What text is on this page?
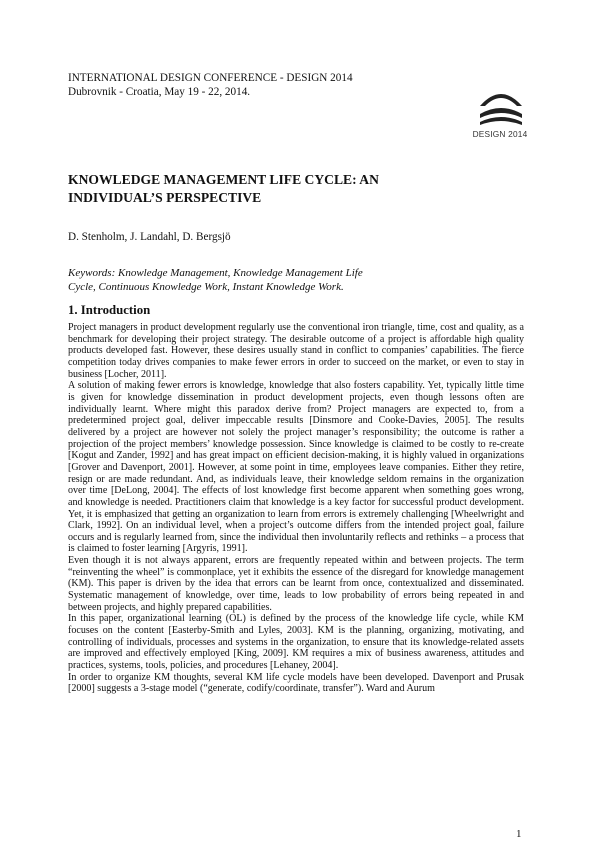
INTERNATIONAL DESIGN CONFERENCE - DESIGN 2014
Dubrovnik - Croatia, May 19 - 22, 2014.
DESIGN 2014
KNOWLEDGE MANAGEMENT LIFE CYCLE: AN
INDIVIDUAL’S PERSPECTIVE
D. Stenholm, J. Landahl, D. Bergsjö
Keywords: Knowledge Management, Knowledge Management Life
Cycle, Continuous Knowledge Work, Instant Knowledge Work.
1. Introduction

Project managers in product development regularly use the conventional iron triangle, time, cost and quality, as a benchmark for developing their project strategy. The desirable outcome of a project is affordable high quality products developed fast. However, these desires usually stand in conflict to companies’ capabilities. The fierce competition today drives companies to make fewer errors in order to succeed on the market, or even to stay in business [Locher, 2011].

A solution of making fewer errors is knowledge, knowledge that also fosters capability. Yet, typically little time is given for knowledge dissemination in product development projects, even though lessons often are individually learnt. Where might this paradox derive from? Project managers are expected to, from a predetermined project goal, deliver impeccable results [Dinsmore and Cooke-Davies, 2005]. The results delivered by a project are however not solely the project manager’s responsibility; the outcome is rather a projection of the project members’ knowledge possession. Since knowledge is claimed to be costly to re-create [Kogut and Zander, 1992] and has great impact on efficient decision-making, it is highly valued in organizations [Grover and Davenport, 2001]. However, at some point in time, employees leave companies. Either they retire, resign or are made redundant. And, as individuals leave, their knowledge seldom remains in the organization over time [DeLong, 2004]. The effects of lost knowledge first become apparent when something goes wrong, and knowledge is needed. Practitioners claim that knowledge is a key factor for successful product development. Yet, it is emphasized that getting an organization to learn from errors is extremely challenging [Wheelwright and Clark, 1992]. On an individual level, when a project’s outcome differs from the intended project goal, failure occurs and is regularly learned from, since the individual then involuntarily reflects and rethinks – a process that is claimed to foster learning [Argyris, 1991].

Even though it is not always apparent, errors are frequently repeated within and between projects. The term “reinventing the wheel” is commonplace, yet it exhibits the essence of the disregard for knowledge management (KM). This paper is driven by the idea that errors can be learnt from once, contextualized and disseminated. Systematic management of knowledge, over time, leads to low probability of errors being repeated in and between projects, and highly prepared capabilities.

In this paper, organizational learning (OL) is defined by the process of the knowledge life cycle, while KM focuses on the content [Easterby-Smith and Lyles, 2003]. KM is the planning, organizing, motivating, and controlling of individuals, processes and systems in the organization, to ensure that its knowledge-related assets are improved and effectively employed [King, 2009]. KM requires a mix of business awareness, attitudes and practices, systems, tools, policies, and procedures [Lehaney, 2004].

In order to organize KM thoughts, several KM life cycle models have been developed. Davenport and Prusak [2000] suggests a 3-stage model (“generate, codify/coordinate, transfer”). Ward and Aurum

1
